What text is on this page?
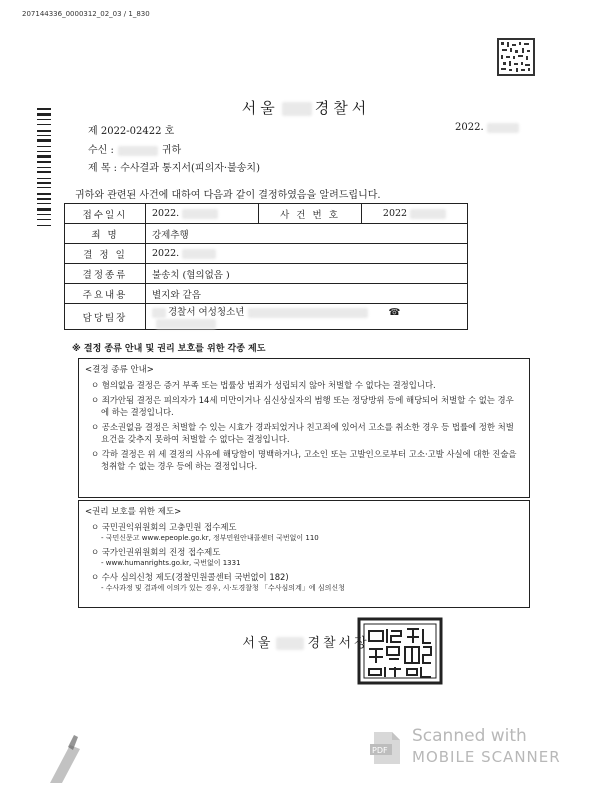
207144336_0000312_02_03 / 1_830
서울 경찰서
제 2022-02422 호	2022.
수신 :	귀하
제 목 : 수사결과 통지서(피의자·불송치)
귀하와 관련된 사건에 대하여 다음과 같이 결정하였음을 알려드립니다.
접수일시	2022.	사 건 번 호	2022
죄 명	강제추행		
결 정 일	2022.		
결정종류	불송치 (혐의없음 )		
주요내용	별지와 같음		
담당팀장	경찰서 여성청소년 ☎		
※ 결정 종류 안내 및 권리 보호를 위한 각종 제도
<결정 종류 안내>
ㅇ 혐의없음 결정은 증거 부족 또는 법률상 범죄가 성립되지 않아 처벌할 수 없다는 결정입니다.
ㅇ 죄가안됨 결정은 피의자가 14세 미만이거나 심신상실자의 범행 또는 정당방위 등에 해당되어 처벌할 수 없는 경우에 하는 결정입니다.
ㅇ 공소권없음 결정은 처벌할 수 있는 시효가 경과되었거나 친고죄에 있어서 고소를 취소한 경우 등 법률에 정한 처벌요건을 갖추지 못하여 처벌할 수 없다는 결정입니다.
ㅇ 각하 결정은 위 세 결정의 사유에 해당함이 명백하거나, 고소인 또는 고발인으로부터 고소·고발 사실에 대한 진술을 청취할 수 없는 경우 등에 하는 결정입니다.
<권리 보호를 위한 제도>
ㅇ 국민권익위원회의 고충민원 접수제도
- 국민신문고 www.epeople.go.kr, 정부민원안내콜센터 국번없이 110
ㅇ 국가인권위원회의 진정 접수제도
- www.humanrights.go.kr, 국번없이 1331
ㅇ 수사 심의신청 제도(경찰민원콜센터 국번없이 182)
- 수사과정 및 결과에 이의가 있는 경우, 시·도경찰청 「수사심의계」에 심의신청
서울	경찰서장
PDF
Scanned with
MOBILE SCANNER
